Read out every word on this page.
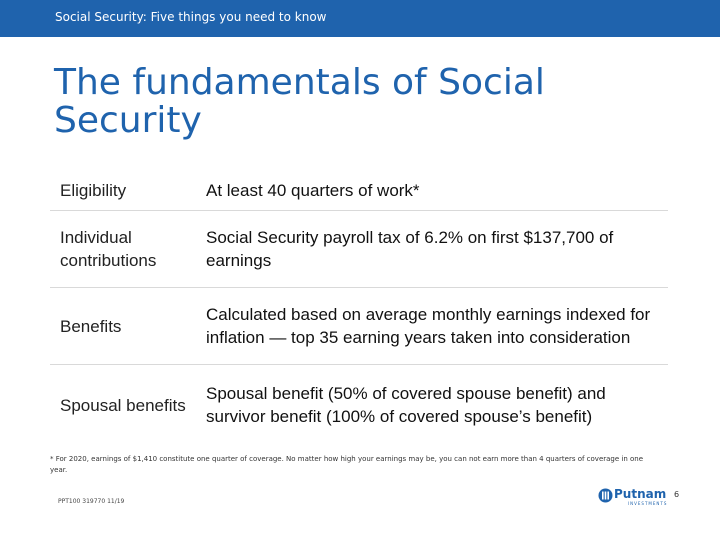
Social Security: Five things you need to know
The fundamentals of Social Security
Eligibility	At least 40 quarters of work*
Individual contributions
Social Security payroll tax of 6.2% on first $137,700 of earnings
Benefits
Calculated based on average monthly earnings indexed for inflation — top 35 earning years taken into consideration
Spousal benefits
Spousal benefit (50% of covered spouse benefit) and survivor benefit (100% of covered spouse’s benefit)
* For 2020, earnings of $1,410 constitute one quarter of coverage. No matter how high your earnings may be, you can not earn more than 4 quarters of coverage in one year.
PPT100 319770 11/19
Putnam
INVESTMENTS
6
